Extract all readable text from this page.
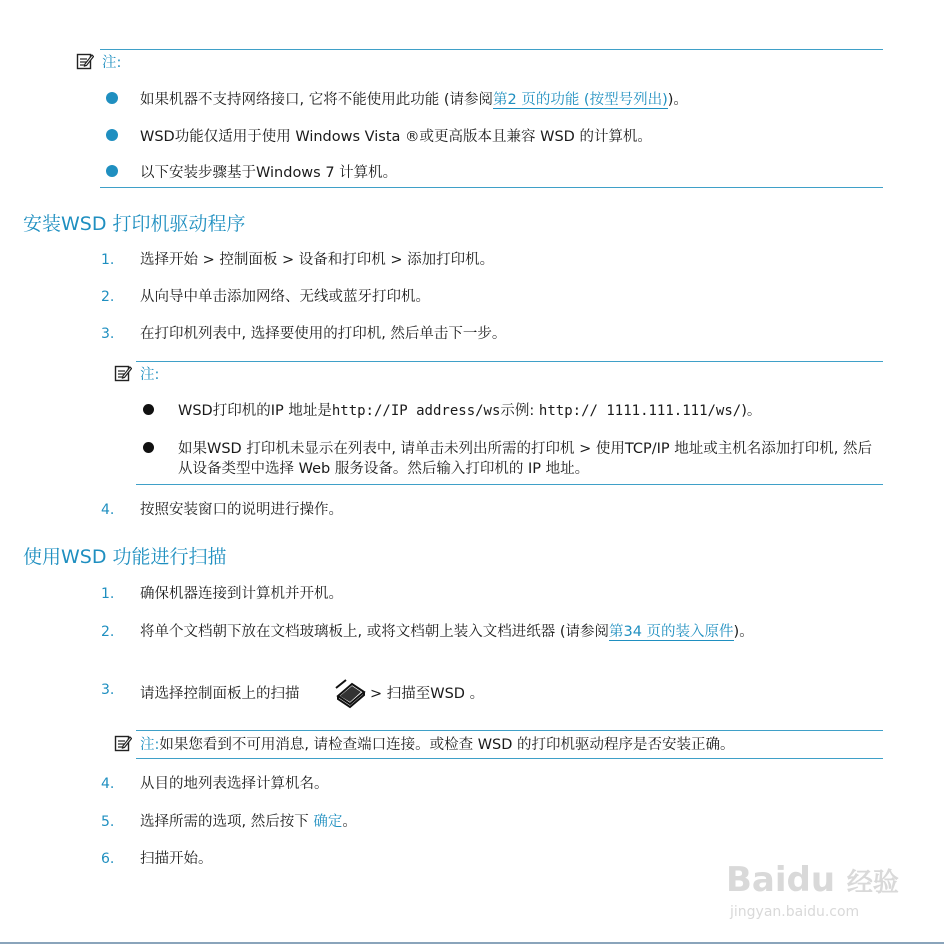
注:
如果机器不支持网络接口, 它将不能使用此功能 (请参阅第2 页的功能 (按型号列出))。
WSD功能仅适用于使用 Windows Vista ®或更高版本且兼容 WSD 的计算机。
以下安装步骤基于Windows 7 计算机。
安装WSD 打印机驱动程序
1. 选择开始 > 控制面板 > 设备和打印机 > 添加打印机。
2. 从向导中单击添加网络、无线或蓝牙打印机。
3. 在打印机列表中, 选择要使用的打印机, 然后单击下一步。
注:
WSD打印机的IP 地址是http://IP address/ws示例: http:// 1111.111.111/ws/)。
如果WSD 打印机未显示在列表中, 请单击未列出所需的打印机 > 使用TCP/IP 地址或主机名添加打印机, 然后从设备类型中选择 Web 服务设备。然后输入打印机的 IP 地址。
4. 按照安装窗口的说明进行操作。
使用WSD 功能进行扫描
1. 确保机器连接到计算机并开机。
2. 将单个文档朝下放在文档玻璃板上, 或将文档朝上装入文档进纸器 (请参阅第34 页的装入原件)。
3. 请选择控制面板上的扫描	> 扫描至WSD 。
注:如果您看到不可用消息, 请检查端口连接。或检查 WSD 的打印机驱动程序是否安装正确。
4. 从目的地列表选择计算机名。
5. 选择所需的选项, 然后按下 确定。
6. 扫描开始。
Baidu 经验
jingyan.baidu.com
